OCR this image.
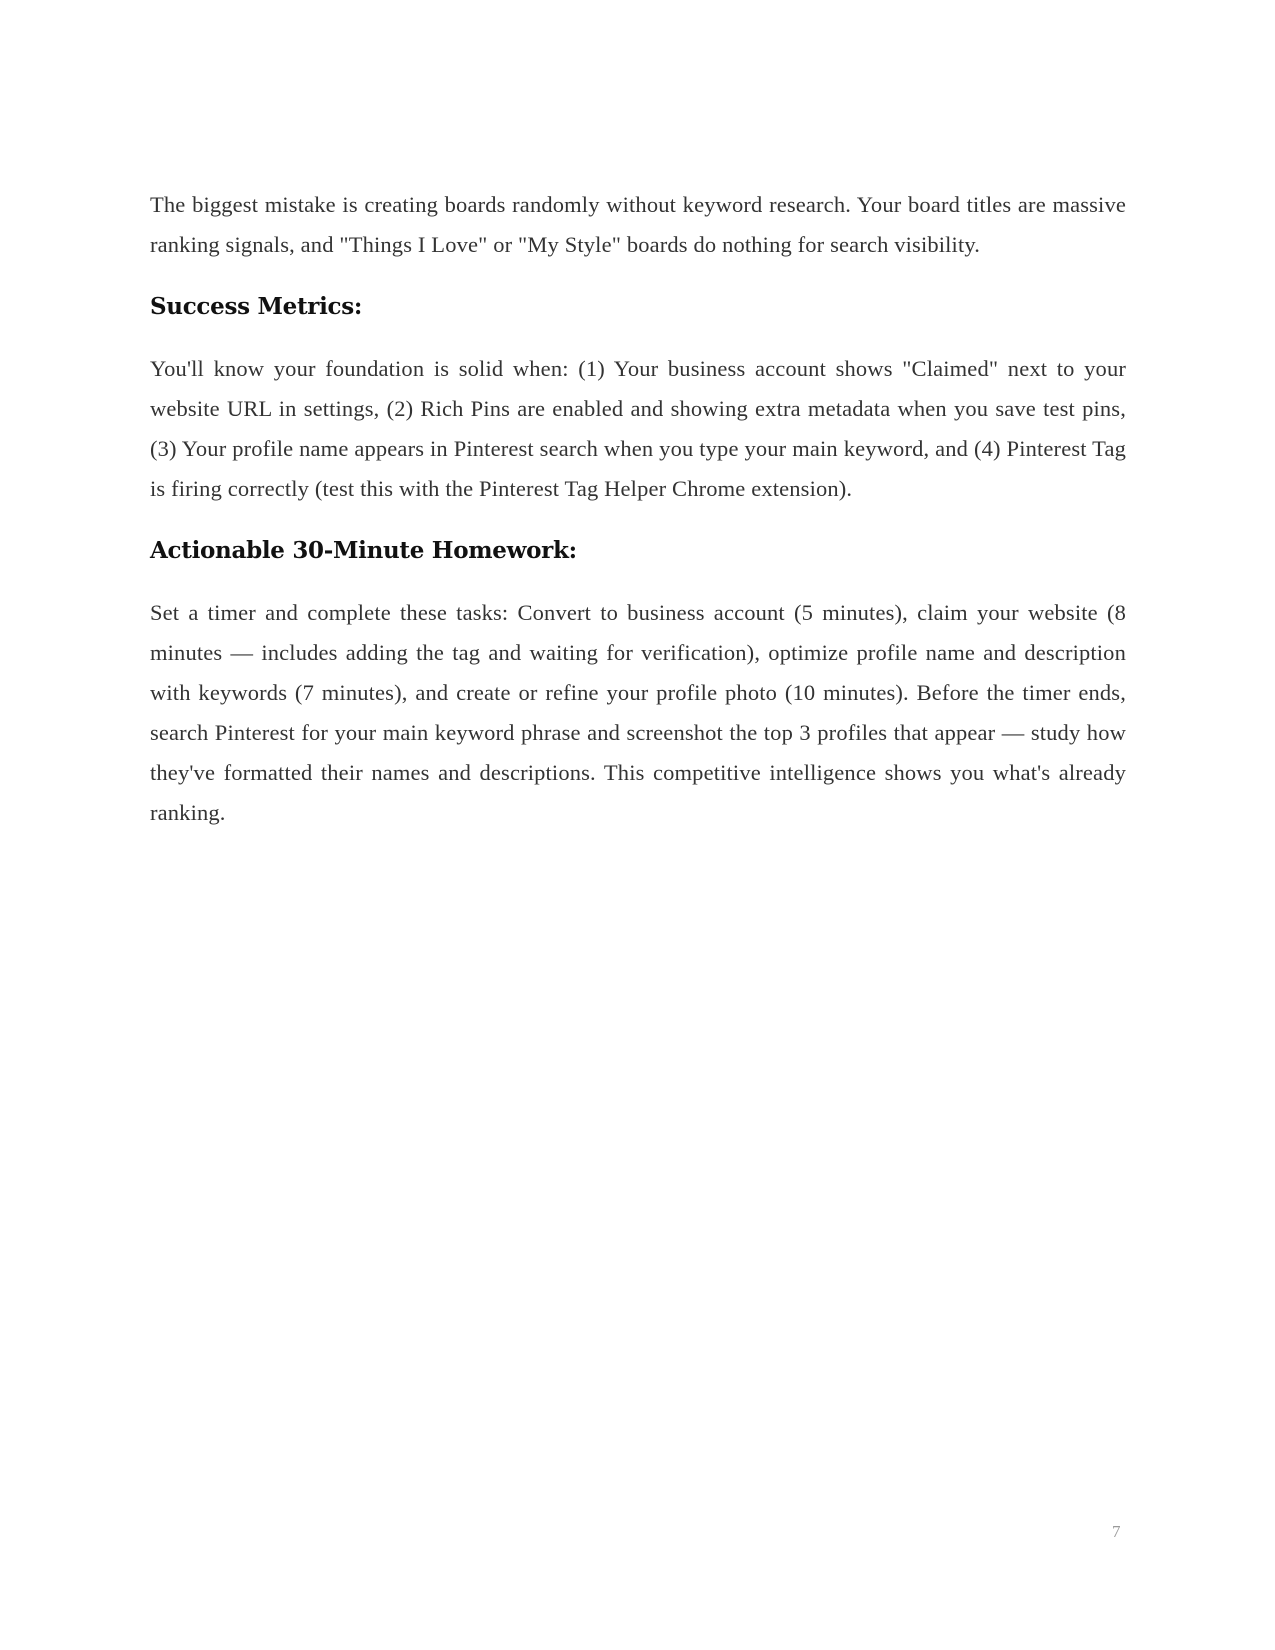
The biggest mistake is creating boards randomly without keyword research. Your board titles are massive ranking signals, and "Things I Love" or "My Style" boards do nothing for search visibility.

Success Metrics:

You'll know your foundation is solid when: (1) Your business account shows "Claimed" next to your website URL in settings, (2) Rich Pins are enabled and showing extra metadata when you save test pins, (3) Your profile name appears in Pinterest search when you type your main keyword, and (4) Pinterest Tag is firing correctly (test this with the Pinterest Tag Helper Chrome extension).

Actionable 30-Minute Homework:

Set a timer and complete these tasks: Convert to business account (5 minutes), claim your website (8 minutes — includes adding the tag and waiting for verification), optimize profile name and description with keywords (7 minutes), and create or refine your profile photo (10 minutes). Before the timer ends, search Pinterest for your main keyword phrase and screenshot the top 3 profiles that appear — study how they've formatted their names and descriptions. This competitive intelligence shows you what's already ranking.

7
